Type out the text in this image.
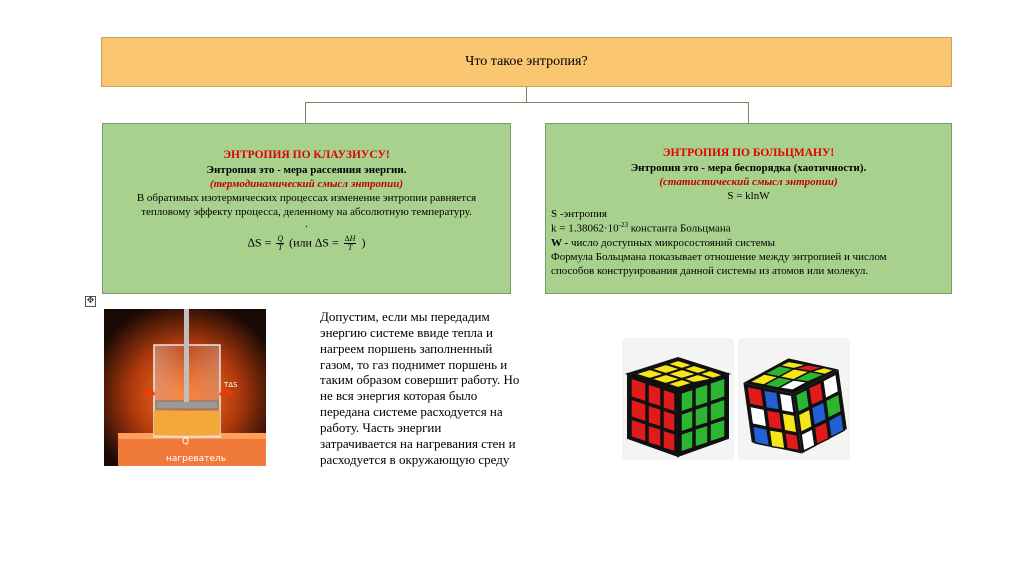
Что такое энтропия?
ЭНТРОПИЯ ПО КЛАУЗИУСУ!
Энтропия это - мера рассеяния энергии.
(термодинамический смысл энтропии)
В обратимых изотермических процессах изменение энтропии равняется
тепловому эффекту процесса, деленному на абсолютную температуру.
.
$\Delta S = \frac{Q}{T} (или$ $\Delta S = \frac{\Delta H}{T}$ )
ЭНТРОПИЯ ПО БОЛЬЦМАНУ!
Энтропия это - мера беспорядка (хаотичности).
(статистический смысл энтропии)
S = klnW
S -энтропия
$k = 1.38062\cdot 10^{-23}$ константа Больцмана
W - число доступных микросостояний системы
Формула Больцмана показывает отношение между энтропией и числом
способов конструирования данной системы из атомов или молекул.
✥
T∆S
Q
нагреватель
Допустим, если мы передадим энергию системе ввиде тепла и нагреем поршень заполненный газом, то газ поднимет поршень и таким образом совершит работу. Но не вся энергия которая было передана системе расходуется на работу. Часть энергии затрачивается на нагревания стен и расходуется в окружающую среду
